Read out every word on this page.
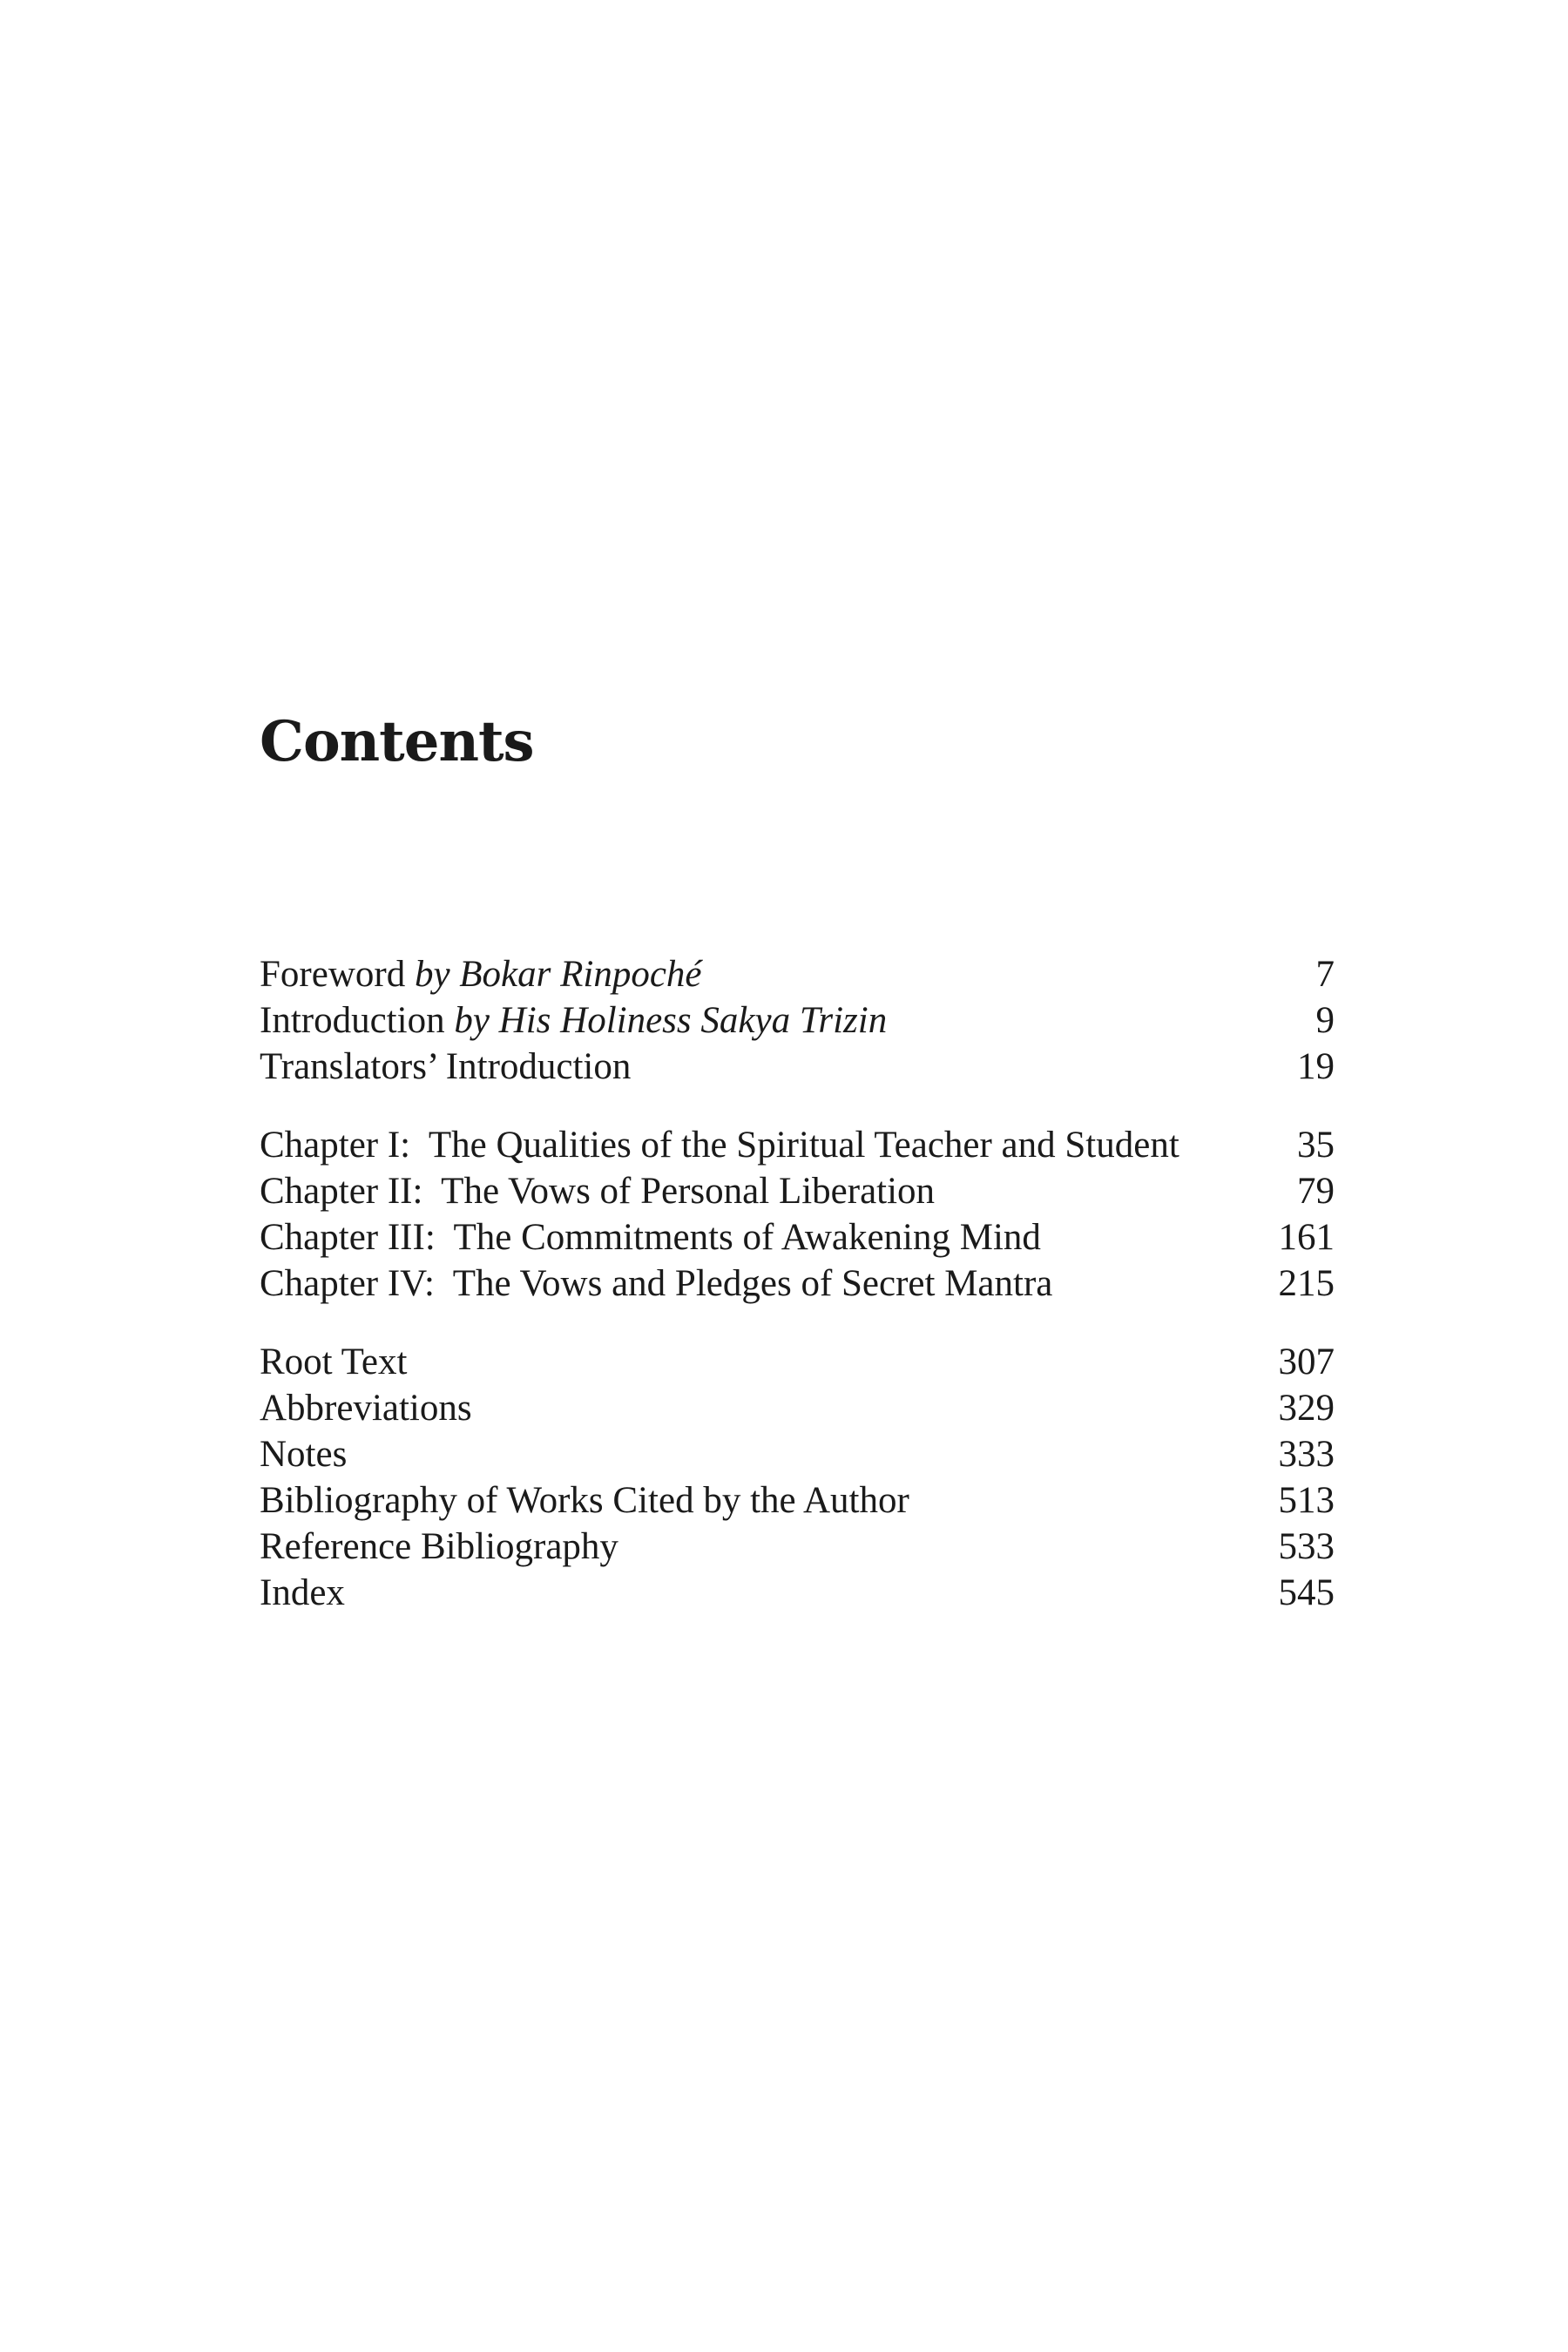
Contents
Foreword by Bokar Rinpoché	7
Introduction by His Holiness Sakya Trizin	9
Translators’ Introduction	19
Chapter I:  The Qualities of the Spiritual Teacher and Student	35
Chapter II:  The Vows of Personal Liberation	79
Chapter III:  The Commitments of Awakening Mind	161
Chapter IV:  The Vows and Pledges of Secret Mantra	215
Root Text	307
Abbreviations	329
Notes	333
Bibliography of Works Cited by the Author	513
Reference Bibliography	533
Index	545
